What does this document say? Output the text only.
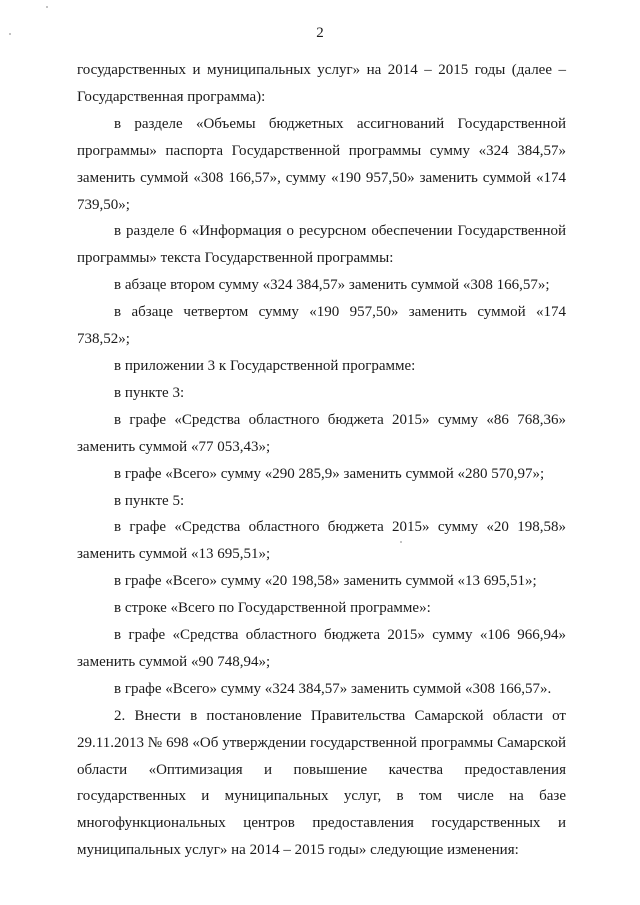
2

государственных и муниципальных услуг» на 2014 – 2015 годы (далее – Государственная программа):

в разделе «Объемы бюджетных ассигнований Государственной программы» паспорта Государственной программы сумму «324 384,57» заменить суммой «308 166,57», сумму «190 957,50» заменить суммой «174 739,50»;

в разделе 6 «Информация о ресурсном обеспечении Государственной программы» текста Государственной программы:

в абзаце втором сумму «324 384,57» заменить суммой «308 166,57»;

в абзаце четвертом сумму «190 957,50» заменить суммой «174 738,52»;

в приложении 3 к Государственной программе:

в пункте 3:

в графе «Средства областного бюджета 2015» сумму «86 768,36» заменить суммой «77 053,43»;

в графе «Всего» сумму «290 285,9» заменить суммой «280 570,97»;

в пункте 5:

в графе «Средства областного бюджета 2015» сумму «20 198,58» заменить суммой «13 695,51»;

в графе «Всего» сумму «20 198,58» заменить суммой «13 695,51»;

в строке «Всего по Государственной программе»:

в графе «Средства областного бюджета 2015» сумму «106 966,94» заменить суммой «90 748,94»;

в графе «Всего» сумму «324 384,57» заменить суммой «308 166,57».

2. Внести в постановление Правительства Самарской области от 29.11.2013 № 698 «Об утверждении государственной программы Самарской области «Оптимизация и повышение качества предоставления государственных и муниципальных услуг, в том числе на базе многофункциональных центров предоставления государственных и муниципальных услуг» на 2014 – 2015 годы» следующие изменения:
